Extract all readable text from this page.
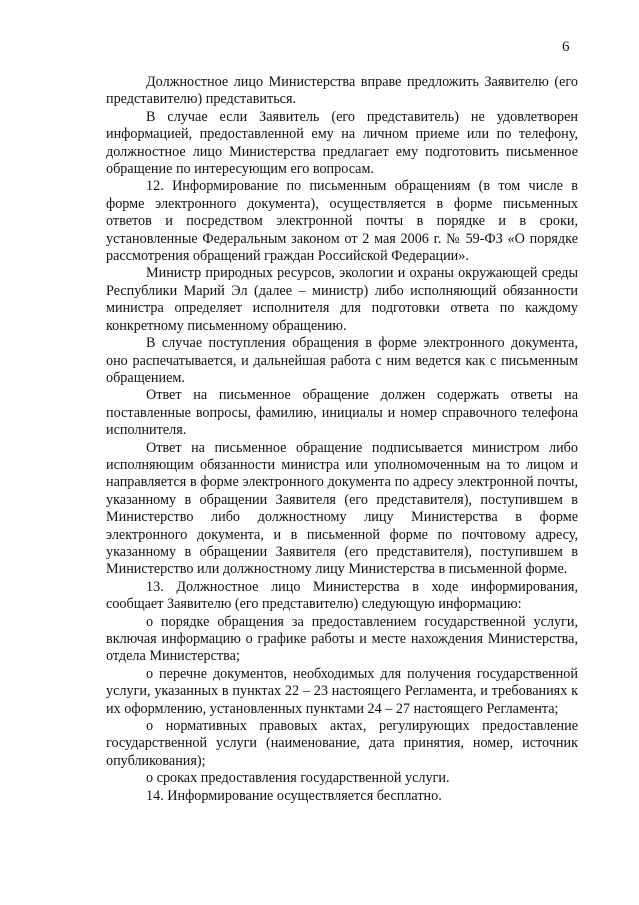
6

Должностное лицо Министерства вправе предложить Заявителю (его представителю) представиться.

В случае если Заявитель (его представитель) не удовлетворен информацией, предоставленной ему на личном приеме или по телефону, должностное лицо Министерства предлагает ему подготовить письменное обращение по интересующим его вопросам.

12. Информирование по письменным обращениям (в том числе в форме электронного документа), осуществляется в форме письменных ответов и посредством электронной почты в порядке и в сроки, установленные Федеральным законом от 2 мая 2006 г. № 59-ФЗ «О порядке рассмотрения обращений граждан Российской Федерации».

Министр природных ресурсов, экологии и охраны окружающей среды Республики Марий Эл (далее – министр) либо исполняющий обязанности министра определяет исполнителя для подготовки ответа по каждому конкретному письменному обращению.

В случае поступления обращения в форме электронного документа, оно распечатывается, и дальнейшая работа с ним ведется как с письменным обращением.

Ответ на письменное обращение должен содержать ответы на поставленные вопросы, фамилию, инициалы и номер справочного телефона исполнителя.

Ответ на письменное обращение подписывается министром либо исполняющим обязанности министра или уполномоченным на то лицом и направляется в форме электронного документа по адресу электронной почты, указанному в обращении Заявителя (его представителя), поступившем в Министерство либо должностному лицу Министерства в форме электронного документа, и в письменной форме по почтовому адресу, указанному в обращении Заявителя (его представителя), поступившем в Министерство или должностному лицу Министерства в письменной форме.

13. Должностное лицо Министерства в ходе информирования, сообщает Заявителю (его представителю) следующую информацию:

о порядке обращения за предоставлением государственной услуги, включая информацию о графике работы и месте нахождения Министерства, отдела Министерства;

о перечне документов, необходимых для получения государственной услуги, указанных в пунктах 22 – 23 настоящего Регламента, и требованиях к их оформлению, установленных пунктами 24 – 27 настоящего Регламента;

о нормативных правовых актах, регулирующих предоставление государственной услуги (наименование, дата принятия, номер, источник опубликования);

о сроках предоставления государственной услуги.

14. Информирование осуществляется бесплатно.
